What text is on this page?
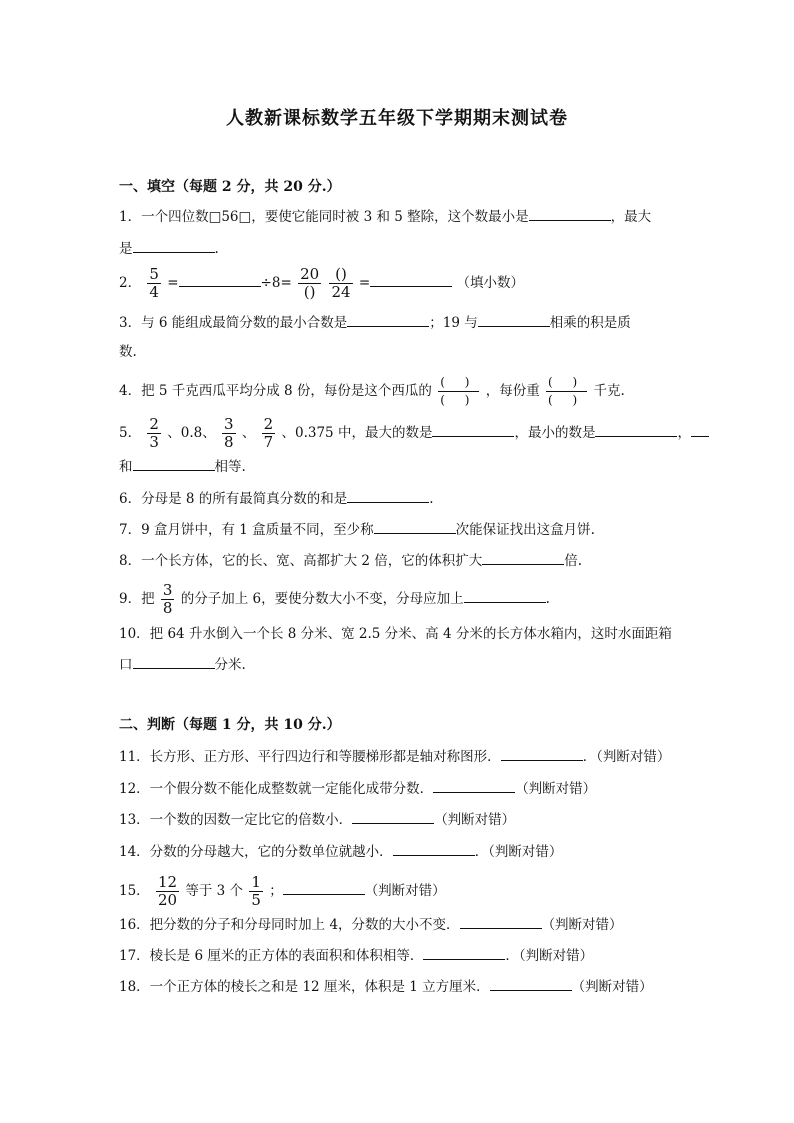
人教新课标数学五年级下学期期末测试卷
一、填空（每题 2 分，共 20 分.）
1．一个四位数□56□，要使它能同时被 3 和 5 整除，这个数最小是	，最大
是	.
2． $\frac{5}{4}$ =	$\div 8= \frac{20}{()}$
$\frac{()}{24}$ =	（填小数）
3．与 6 能组成最简分数的最小合数是	；19 与	相乘的积是质
数.
4．把 5 千克西瓜平均分成 8 份，每份是这个西瓜的 $\frac{( )}{( )}$ ，每份重 $\frac{( )}{( )}$ 千克.
5． $\frac{2}{3}$ 、0.8、 $\frac{3}{8}$ 、 $\frac{2}{7}$ 、0.375 中，最大的数是	，最小的数是	，
和	相等.
6．分母是 8 的所有最简真分数的和是	.
7．9 盒月饼中，有 1 盒质量不同，至少称	次能保证找出这盒月饼.
8．一个长方体，它的长、宽、高都扩大 2 倍，它的体积扩大	倍.
9．把 $\frac{3}{8}$ 的分子加上 6，要使分数大小不变，分母应加上	.
10．把 64 升水倒入一个长 8 分米、宽 2.5 分米、高 4 分米的长方体水箱内，这时水面距箱
口	分米.
二、判断（每题 1 分，共 10 分.）
11．长方形、正方形、平行四边行和等腰梯形都是轴对称图形．	．（判断对错）
12．一个假分数不能化成整数就一定能化成带分数．	（判断对错）
13．一个数的因数一定比它的倍数小．	（判断对错）
14．分数的分母越大，它的分数单位就越小．	．（判断对错）
15． $\frac{12}{20}$ 等于 3 个 $\frac{1}{5}$ ；	（判断对错）
16．把分数的分子和分母同时加上 4，分数的大小不变．	（判断对错）
17．棱长是 6 厘米的正方体的表面积和体积相等．	．（判断对错）
18．一个正方体的棱长之和是 12 厘米，体积是 1 立方厘米．	（判断对错）
